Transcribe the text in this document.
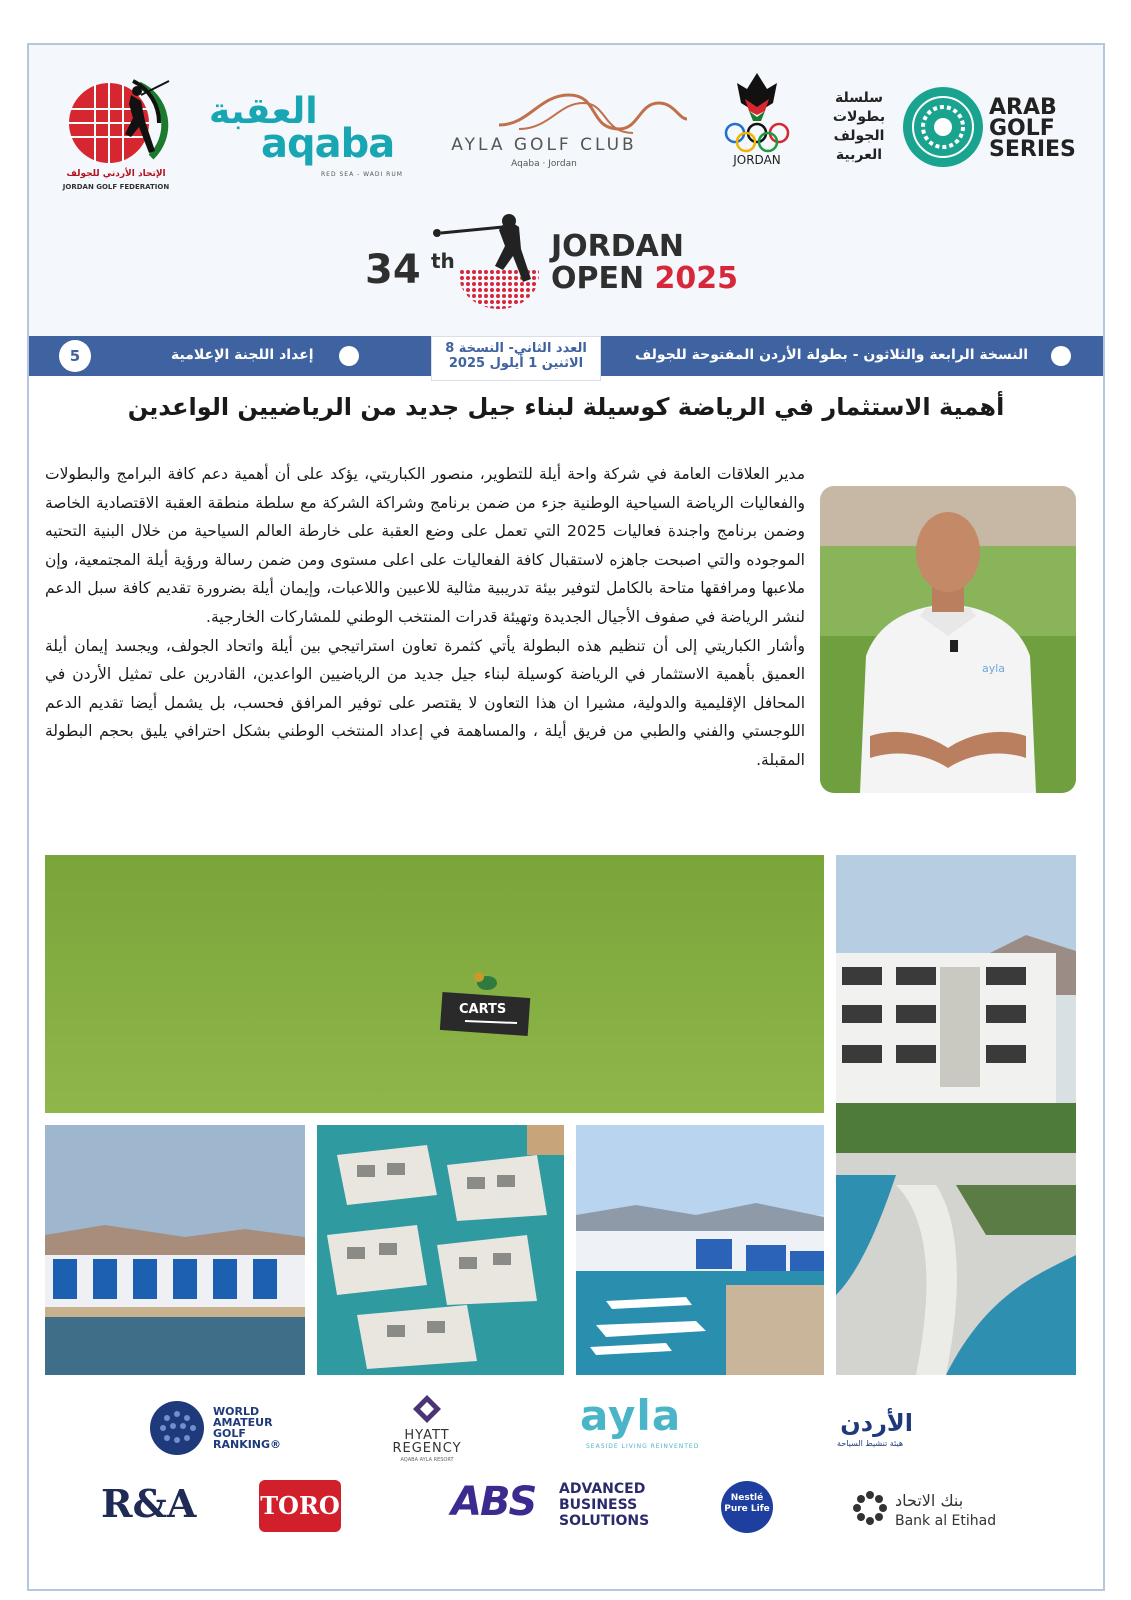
الإتحاد الأردني للجولف
JORDAN GOLF FEDERATION
العقبة
aqaba
RED SEA - WADI RUM
AYLA GOLF CLUB
Aqaba · Jordan	JORDAN
سلسلة بطولات الجولف العربية
ARAB GOLF SERIES
34 th	JORDAN
OPEN 2025
5	إعداد اللجنة الإعلامية	العدد الثاني- النسخة 8
الاثنين 1 أيلول 2025
النسخة الرابعة والثلاثون - بطولة الأردن المفتوحة للجولف
أهمية الاستثمار في الرياضة كوسيلة لبناء جيل جديد من الرياضيين الواعدين

مدير العلاقات العامة في شركة واحة أيلة للتطوير، منصور الكباريتي، يؤكد على أن أهمية دعم كافة البرامج والبطولات والفعاليات الرياضة السياحية الوطنية جزء من ضمن برنامج وشراكة الشركة مع سلطة منطقة العقبة الاقتصادية الخاصة وضمن برنامج واجندة فعاليات 2025 التي تعمل على وضع العقبة على خارطة العالم السياحية من خلال البنية التحتيه الموجوده والتي اصبحت جاهزه لاستقبال كافة الفعاليات على اعلى مستوى ومن ضمن رسالة ورؤية أيلة المجتمعية، وإن ملاعبها ومرافقها متاحة بالكامل لتوفير بيئة تدريبية مثالية للاعبين واللاعبات، وإيمان أيلة بضرورة تقديم كافة سبل الدعم لنشر الرياضة في صفوف الأجيال الجديدة وتهيئة قدرات المنتخب الوطني للمشاركات الخارجية.

وأشار الكباريتي إلى أن تنظيم هذه البطولة يأتي كثمرة تعاون استراتيجي بين أيلة واتحاد الجولف، ويجسد إيمان أيلة العميق بأهمية الاستثمار في الرياضة كوسيلة لبناء جيل جديد من الرياضيين الواعدين، القادرين على تمثيل الأردن في المحافل الإقليمية والدولية، مشيرا ان هذا التعاون لا يقتصر على توفير المرافق فحسب، بل يشمل أيضا تقديم الدعم اللوجستي والفني والطبي من فريق أيلة ، والمساهمة في إعداد المنتخب الوطني بشكل احترافي يليق بحجم البطولة المقبلة.

ayla
CARTS
WORLD AMATEUR GOLF RANKING®
HYATT REGENCY
AQABA AYLA RESORT
ayla
SEASIDE LIVING REINVENTED
الأردن
هيئة تنشيط السياحة
R&A	TORO	ABS	ADVANCED BUSINESS SOLUTIONS
Nestlé Pure Life	بنك الاتحاد
Bank al Etihad
